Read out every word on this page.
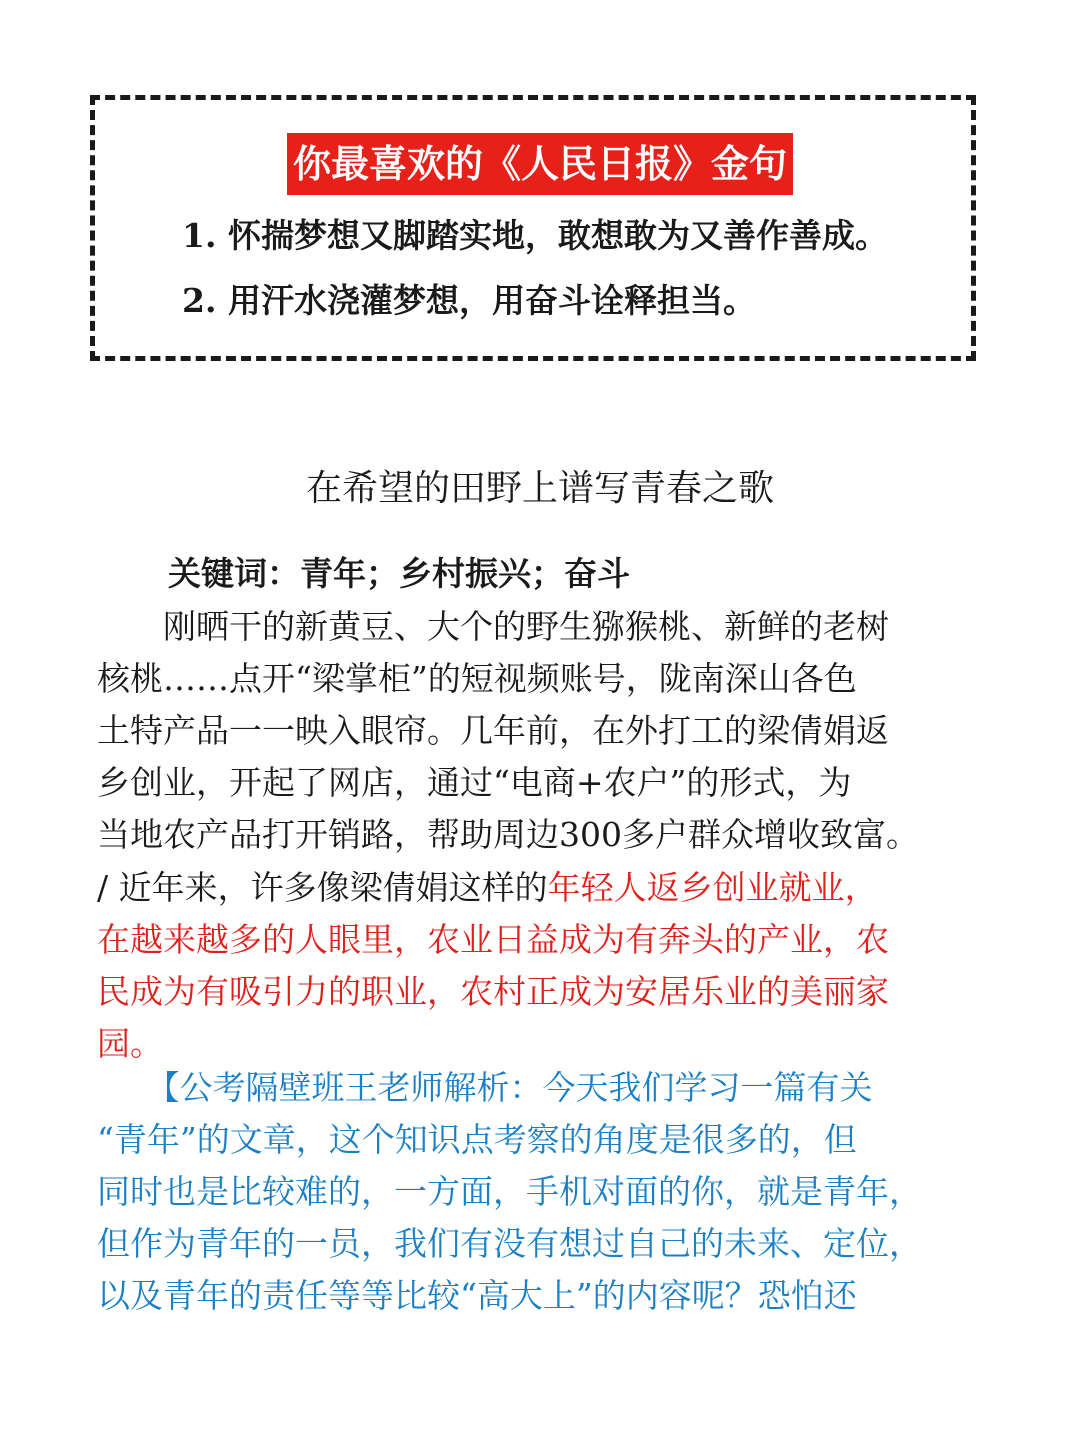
你最喜欢的《人民日报》金句
1. 怀揣梦想又脚踏实地，敢想敢为又善作善成。
2. 用汗水浇灌梦想，用奋斗诠释担当。
在希望的田野上谱写青春之歌
关键词：青年；乡村振兴；奋斗
　　刚晒干的新黄豆、大个的野生猕猴桃、新鲜的老树
核桃……点开“梁掌柜”的短视频账号，陇南深山各色
土特产品一一映入眼帘。几年前，在外打工的梁倩娟返
乡创业，开起了网店，通过“电商+农户”的形式，为
当地农产品打开销路，帮助周边300多户群众增收致富。
/ 近年来，许多像梁倩娟这样的年轻人返乡创业就业，
在越来越多的人眼里，农业日益成为有奔头的产业，农
民成为有吸引力的职业，农村正成为安居乐业的美丽家
园。
　　【公考隔壁班王老师解析：今天我们学习一篇有关
“青年”的文章，这个知识点考察的角度是很多的，但
同时也是比较难的，一方面，手机对面的你，就是青年，
但作为青年的一员，我们有没有想过自己的未来、定位，
以及青年的责任等等比较“高大上”的内容呢？恐怕还
